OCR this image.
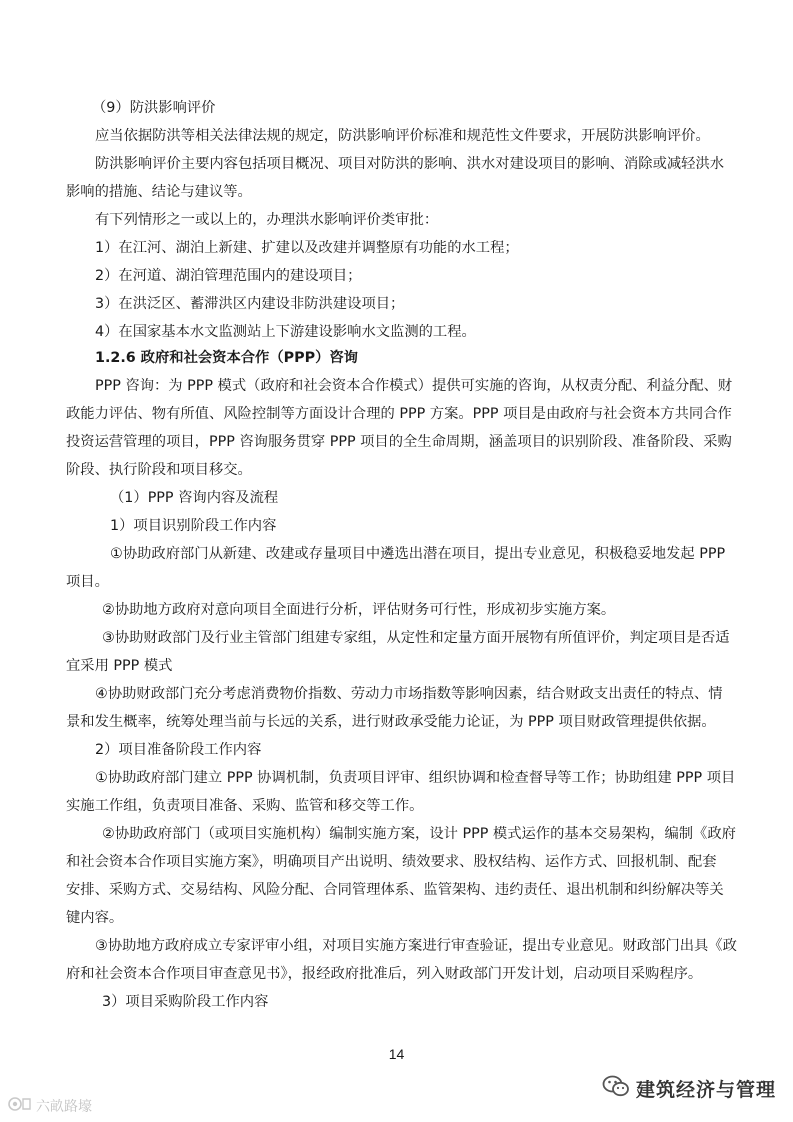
（9）防洪影响评价
应当依据防洪等相关法律法规的规定，防洪影响评价标准和规范性文件要求，开展防洪影响评价。
防洪影响评价主要内容包括项目概况、项目对防洪的影响、洪水对建设项目的影响、消除或减轻洪水
影响的措施、结论与建议等。
有下列情形之一或以上的，办理洪水影响评价类审批：
1）在江河、湖泊上新建、扩建以及改建并调整原有功能的水工程；
2）在河道、湖泊管理范围内的建设项目；
3）在洪泛区、蓄滞洪区内建设非防洪建设项目；
4）在国家基本水文监测站上下游建设影响水文监测的工程。
1.2.6 政府和社会资本合作（PPP）咨询
PPP 咨询：为 PPP 模式（政府和社会资本合作模式）提供可实施的咨询，从权责分配、利益分配、财
政能力评估、物有所值、风险控制等方面设计合理的 PPP 方案。PPP 项目是由政府与社会资本方共同合作
投资运营管理的项目，PPP 咨询服务贯穿 PPP 项目的全生命周期，涵盖项目的识别阶段、准备阶段、采购
阶段、执行阶段和项目移交。
（1）PPP 咨询内容及流程
1）项目识别阶段工作内容
①协助政府部门从新建、改建或存量项目中遴选出潜在项目，提出专业意见，积极稳妥地发起 PPP
项目。
②协助地方政府对意向项目全面进行分析，评估财务可行性，形成初步实施方案。
③协助财政部门及行业主管部门组建专家组，从定性和定量方面开展物有所值评价，判定项目是否适
宜采用 PPP 模式
④协助财政部门充分考虑消费物价指数、劳动力市场指数等影响因素，结合财政支出责任的特点、情
景和发生概率，统筹处理当前与长远的关系，进行财政承受能力论证，为 PPP 项目财政管理提供依据。
2）项目准备阶段工作内容
①协助政府部门建立 PPP 协调机制，负责项目评审、组织协调和检查督导等工作；协助组建 PPP 项目
实施工作组，负责项目准备、采购、监管和移交等工作。
②协助政府部门（或项目实施机构）编制实施方案，设计 PPP 模式运作的基本交易架构，编制《政府
和社会资本合作项目实施方案》，明确项目产出说明、绩效要求、股权结构、运作方式、回报机制、配套
安排、采购方式、交易结构、风险分配、合同管理体系、监管架构、违约责任、退出机制和纠纷解决等关
键内容。
③协助地方政府成立专家评审小组，对项目实施方案进行审查验证，提出专业意见。财政部门出具《政
府和社会资本合作项目审查意见书》，报经政府批准后，列入财政部门开发计划，启动项目采购程序。
3）项目采购阶段工作内容
14
建筑经济与管理
六畝路壕
